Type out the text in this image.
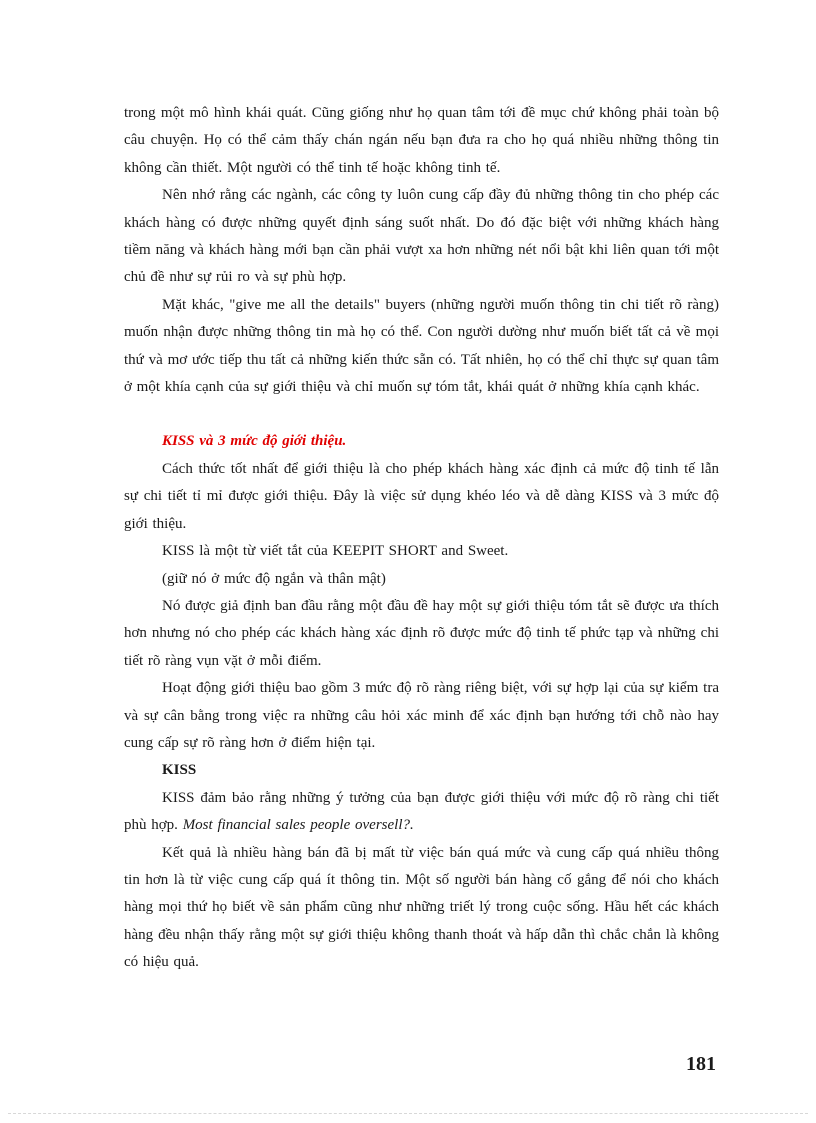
trong một mô hình khái quát. Cũng giống như họ quan tâm tới đề mục chứ không phải toàn bộ câu chuyện. Họ có thể cảm thấy chán ngán nếu bạn đưa ra cho họ quá nhiều những thông tin không cần thiết. Một người có thể tinh tế hoặc không tinh tế.

Nên nhớ rằng các ngành, các công ty luôn cung cấp đầy đủ những thông tin cho phép các khách hàng có được những quyết định sáng suốt nhất. Do đó đặc biệt với những khách hàng tiềm năng và khách hàng mới bạn cần phải vượt xa hơn những nét nổi bật khi liên quan tới một chủ đề như sự rủi ro và sự phù hợp.

Mặt khác, "give me all the details" buyers (những người muốn thông tin chi tiết rõ ràng) muốn nhận được những thông tin mà họ có thể. Con người dường như muốn biết tất cả về mọi thứ và mơ ước tiếp thu tất cả những kiến thức sẵn có. Tất nhiên, họ có thể chỉ thực sự quan tâm ở một khía cạnh của sự giới thiệu và chỉ muốn sự tóm tắt, khái quát ở những khía cạnh khác.

KISS và 3 mức độ giới thiệu.

Cách thức tốt nhất để giới thiệu là cho phép khách hàng xác định cả mức độ tinh tế lẫn sự chi tiết tỉ mỉ được giới thiệu. Đây là việc sử dụng khéo léo và dễ dàng KISS và 3 mức độ giới thiệu.

KISS là một từ viết tắt của KEEPIT SHORT and Sweet.

(giữ nó ở mức độ ngắn và thân mật)

Nó được giả định ban đầu rằng một đầu đề hay một sự giới thiệu tóm tắt sẽ được ưa thích hơn nhưng nó cho phép các khách hàng xác định rõ được mức độ tinh tế phức tạp và những chi tiết rõ ràng vụn vặt ở mỗi điểm.

Hoạt động giới thiệu bao gồm 3 mức độ rõ ràng riêng biệt, với sự hợp lại của sự kiểm tra và sự cân bằng trong việc ra những câu hỏi xác minh để xác định bạn hướng tới chỗ nào hay cung cấp sự rõ ràng hơn ở điểm hiện tại.

KISS

KISS đảm bảo rằng những ý tưởng của bạn được giới thiệu với mức độ rõ ràng chi tiết phù hợp. Most financial sales people oversell?.

Kết quả là nhiều hàng bán đã bị mất từ việc bán quá mức và cung cấp quá nhiều thông tin hơn là từ việc cung cấp quá ít thông tin. Một số người bán hàng cố gắng để nói cho khách hàng mọi thứ họ biết về sản phẩm cũng như những triết lý trong cuộc sống. Hầu hết các khách hàng đều nhận thấy rằng một sự giới thiệu không thanh thoát và hấp dẫn thì chắc chắn là không có hiệu quả.

181
